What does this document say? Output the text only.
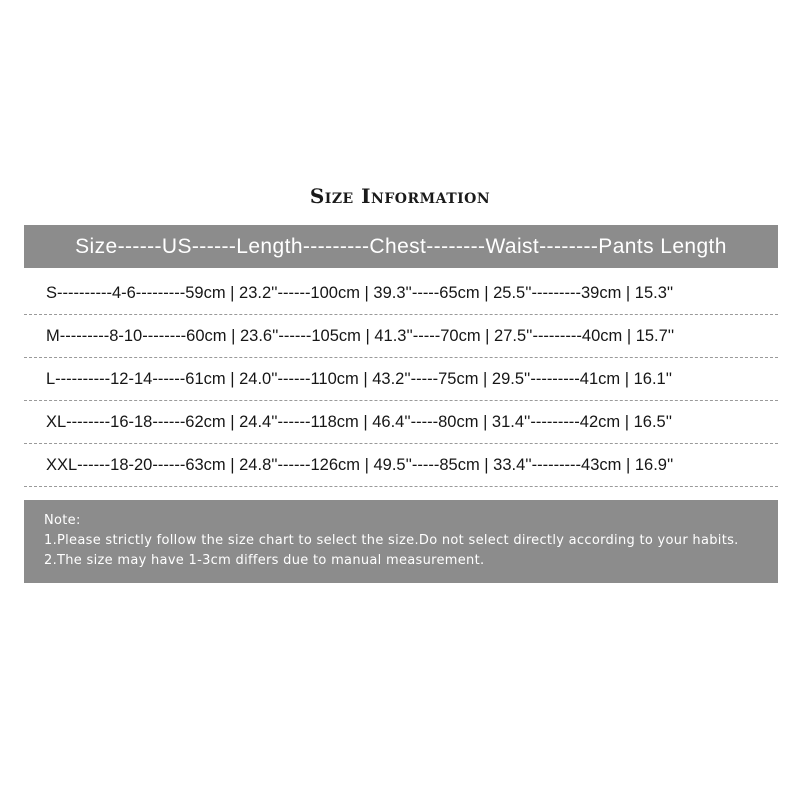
Size Information
Size------US------Length---------Chest--------Waist--------Pants Length
S----------4-6---------59cm | 23.2''------100cm | 39.3''-----65cm | 25.5''---------39cm | 15.3''
M---------8-10--------60cm | 23.6''------105cm | 41.3''-----70cm | 27.5''---------40cm | 15.7''
L----------12-14------61cm | 24.0''------110cm | 43.2''-----75cm | 29.5''---------41cm | 16.1''
XL--------16-18------62cm | 24.4''------118cm | 46.4''-----80cm | 31.4''---------42cm | 16.5''
XXL------18-20------63cm | 24.8''------126cm | 49.5''-----85cm | 33.4''---------43cm | 16.9''
Note:
1.Please strictly follow the size chart to select the size.Do not select directly according to your habits.
2.The size may have 1-3cm differs due to manual measurement.
